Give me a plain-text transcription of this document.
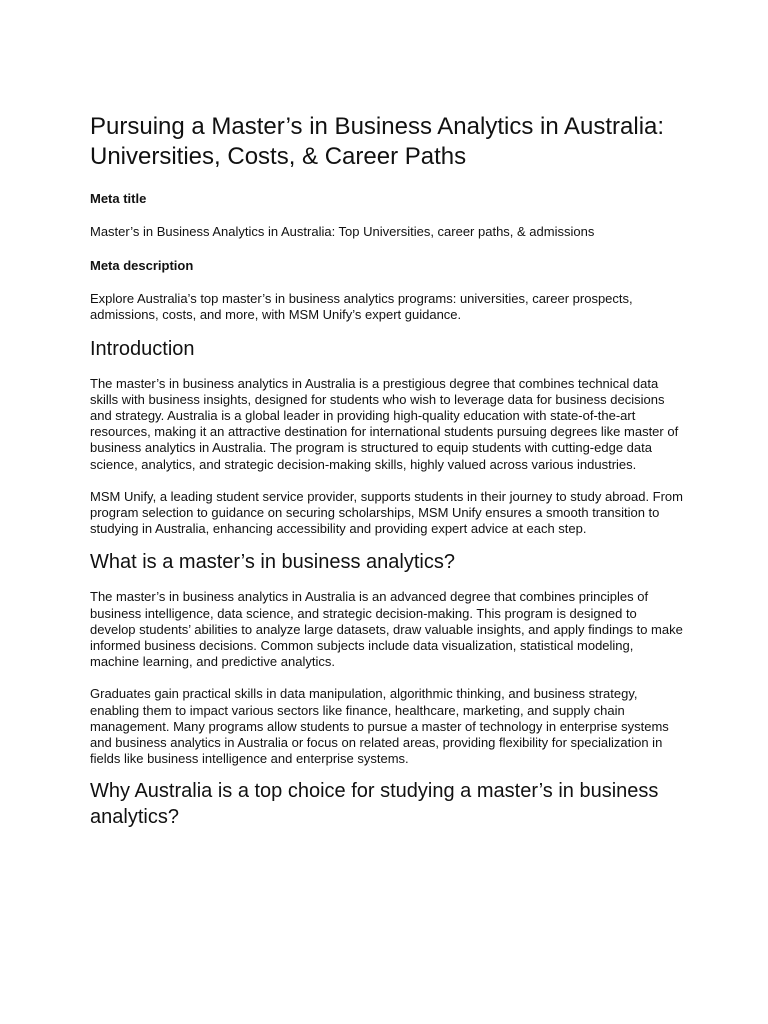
Pursuing a Master’s in Business Analytics in Australia: Universities, Costs, & Career Paths
Meta title

Master’s in Business Analytics in Australia: Top Universities, career paths, & admissions

Meta description

Explore Australia’s top master’s in business analytics programs: universities, career prospects, admissions, costs, and more, with MSM Unify’s expert guidance.

Introduction

The master’s in business analytics in Australia is a prestigious degree that combines technical data skills with business insights, designed for students who wish to leverage data for business decisions and strategy. Australia is a global leader in providing high-quality education with state-of-the-art resources, making it an attractive destination for international students pursuing degrees like master of business analytics in Australia. The program is structured to equip students with cutting-edge data science, analytics, and strategic decision-making skills, highly valued across various industries.

MSM Unify, a leading student service provider, supports students in their journey to study abroad. From program selection to guidance on securing scholarships, MSM Unify ensures a smooth transition to studying in Australia, enhancing accessibility and providing expert advice at each step.

What is a master’s in business analytics?

The master’s in business analytics in Australia is an advanced degree that combines principles of business intelligence, data science, and strategic decision-making. This program is designed to develop students’ abilities to analyze large datasets, draw valuable insights, and apply findings to make informed business decisions. Common subjects include data visualization, statistical modeling, machine learning, and predictive analytics.

Graduates gain practical skills in data manipulation, algorithmic thinking, and business strategy, enabling them to impact various sectors like finance, healthcare, marketing, and supply chain management. Many programs allow students to pursue a master of technology in enterprise systems and business analytics in Australia or focus on related areas, providing flexibility for specialization in fields like business intelligence and enterprise systems.

Why Australia is a top choice for studying a master’s in business analytics?
